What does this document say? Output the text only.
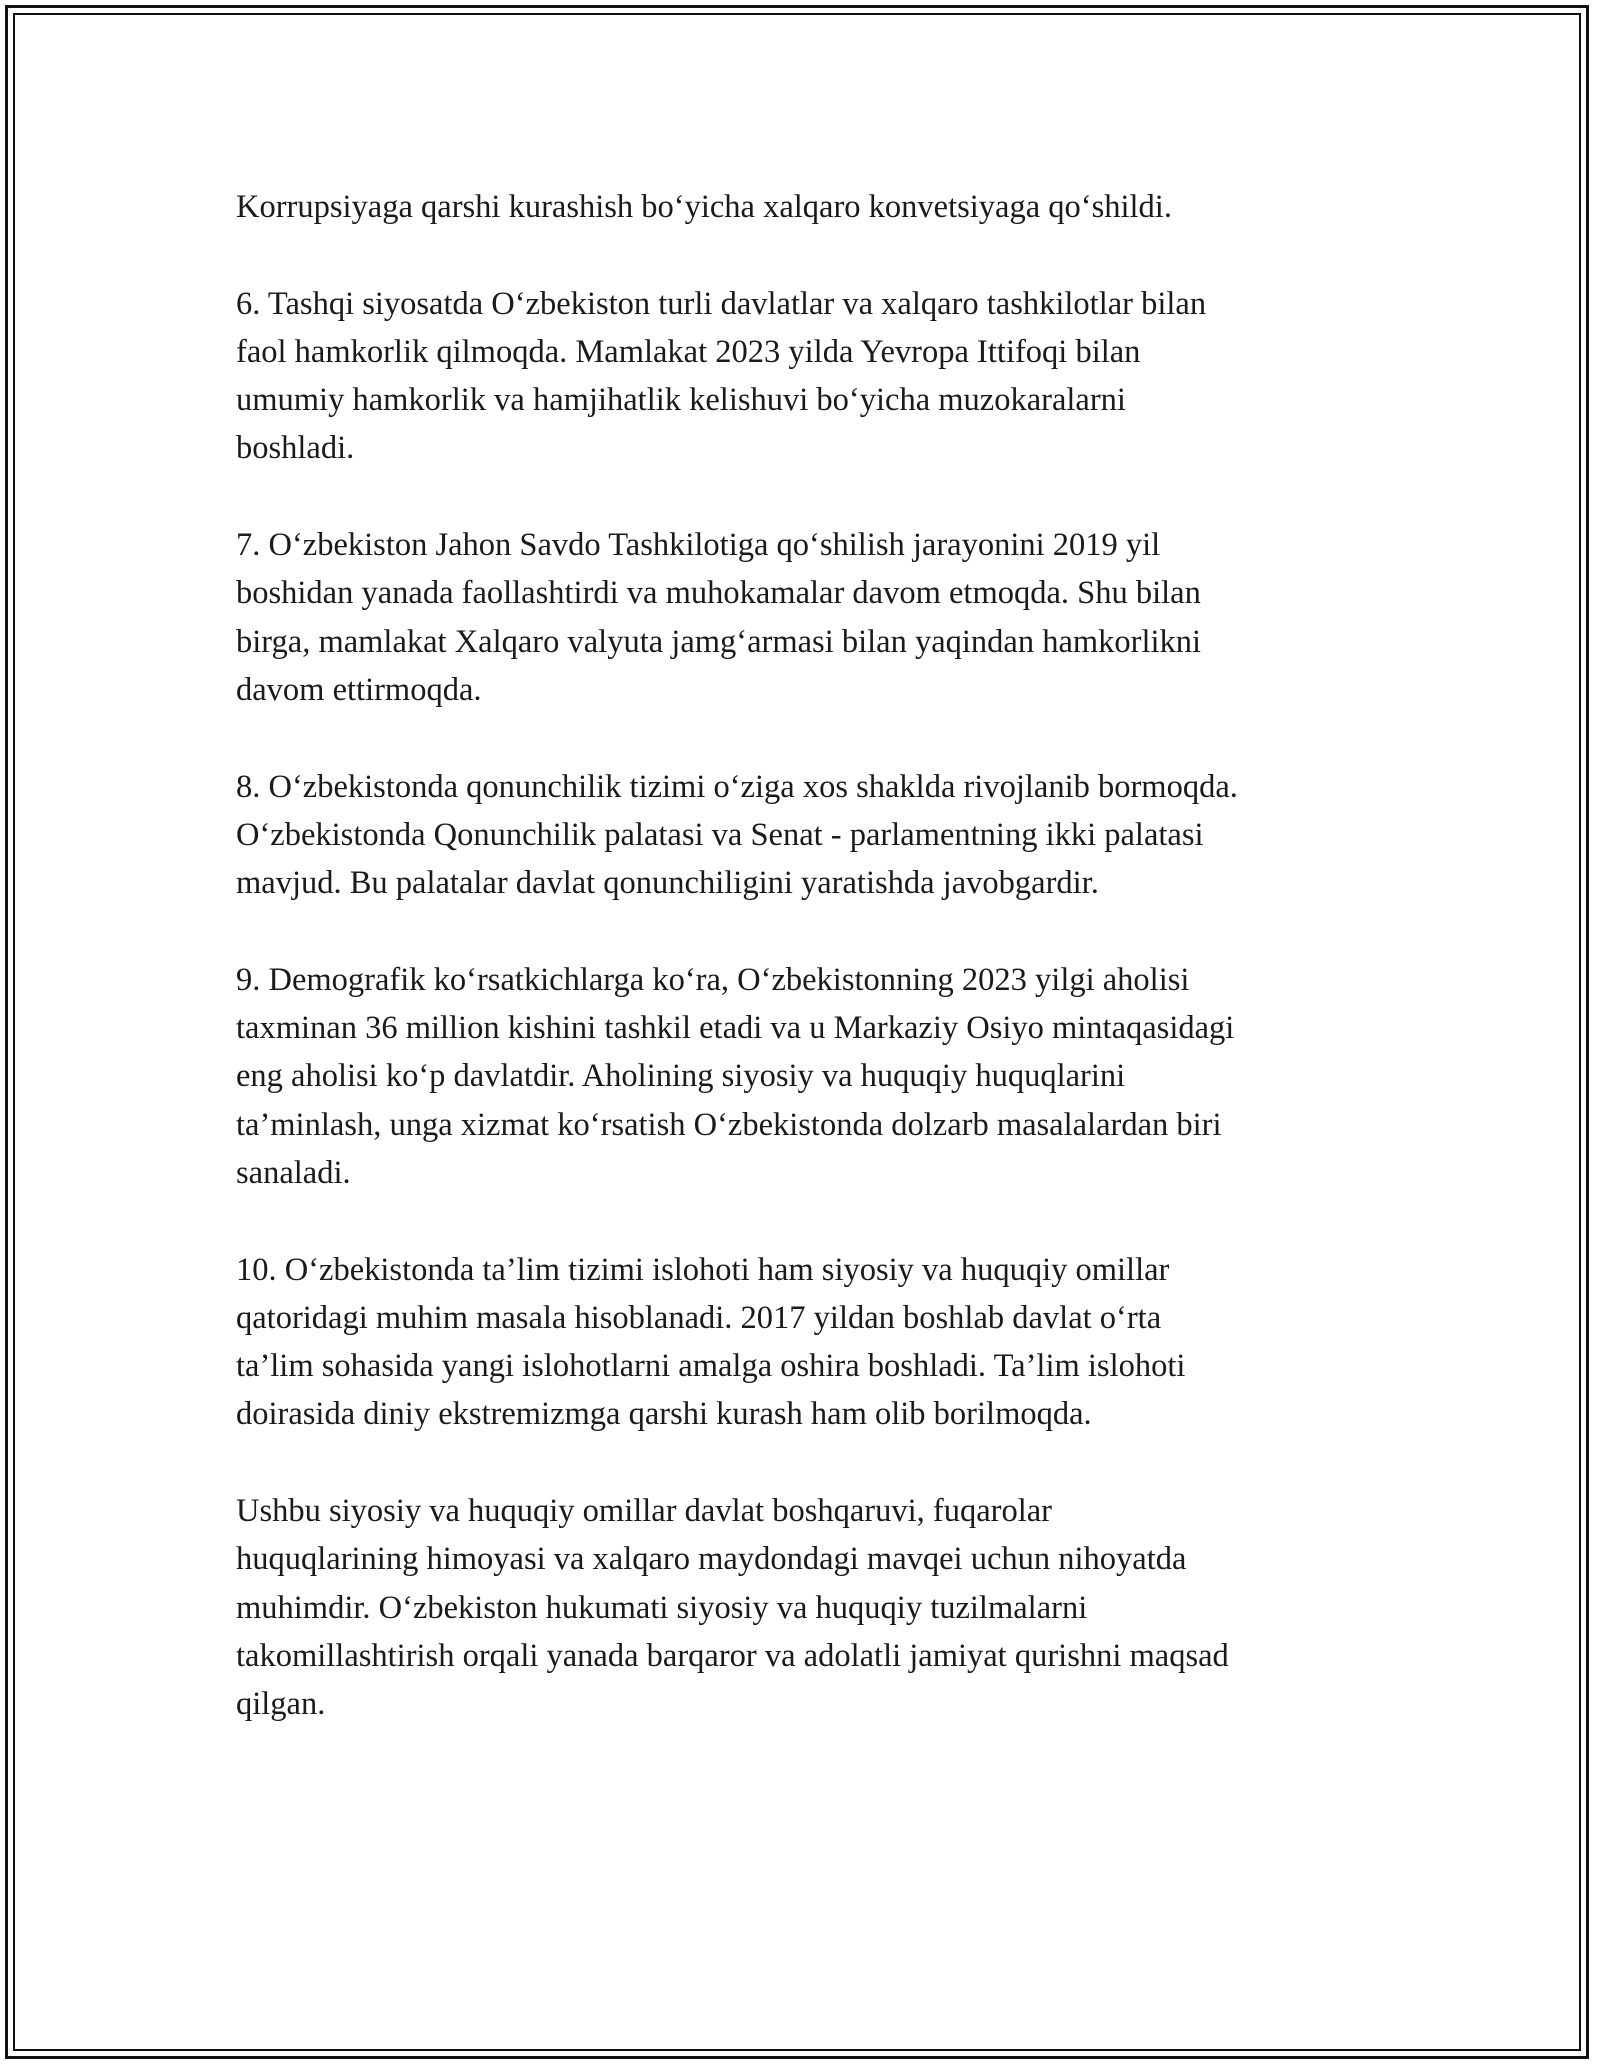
Korrupsiyaga qarshi kurashish bo‘yicha xalqaro konvetsiyaga qo‘shildi.

6. Tashqi siyosatda O‘zbekiston turli davlatlar va xalqaro tashkilotlar bilan
faol hamkorlik qilmoqda. Mamlakat 2023 yilda Yevropa Ittifoqi bilan
umumiy hamkorlik va hamjihatlik kelishuvi bo‘yicha muzokaralarni
boshladi.

7. O‘zbekiston Jahon Savdo Tashkilotiga qo‘shilish jarayonini 2019 yil
boshidan yanada faollashtirdi va muhokamalar davom etmoqda. Shu bilan
birga, mamlakat Xalqaro valyuta jamg‘armasi bilan yaqindan hamkorlikni
davom ettirmoqda.

8. O‘zbekistonda qonunchilik tizimi o‘ziga xos shakldа rivojlanib bormoqda.
O‘zbekistonda Qonunchilik palatasi va Senat - parlamentning ikki palatasi
mavjud. Bu palatalar davlat qonunchiligini yaratishda javobgardir.

9. Demografik ko‘rsatkichlarga ko‘ra, O‘zbekistonning 2023 yilgi aholisi
taxminan 36 million kishini tashkil etadi va u Markaziy Osiyo mintaqasidagi
eng aholisi ko‘p davlatdir. Aholining siyosiy va huquqiy huquqlarini
ta’minlash, unga xizmat ko‘rsatish O‘zbekistonda dolzarb masalalardan biri
sanaladi.

10. O‘zbekistonda ta’lim tizimi islohoti ham siyosiy va huquqiy omillar
qatoridagi muhim masala hisoblanadi. 2017 yildan boshlab davlat o‘rta
ta’lim sohasida yangi islohotlarni amalga oshira boshladi. Ta’lim islohoti
doirasida diniy ekstremizmga qarshi kurash ham olib borilmoqda.

Ushbu siyosiy va huquqiy omillar davlat boshqaruvi, fuqarolar
huquqlarining himoyasi va xalqaro maydondagi mavqei uchun nihoyatda
muhimdir. O‘zbekiston hukumati siyosiy va huquqiy tuzilmalarni
takomillashtirish orqali yanada barqaror va adolatli jamiyat qurishni maqsad
qilgan.
